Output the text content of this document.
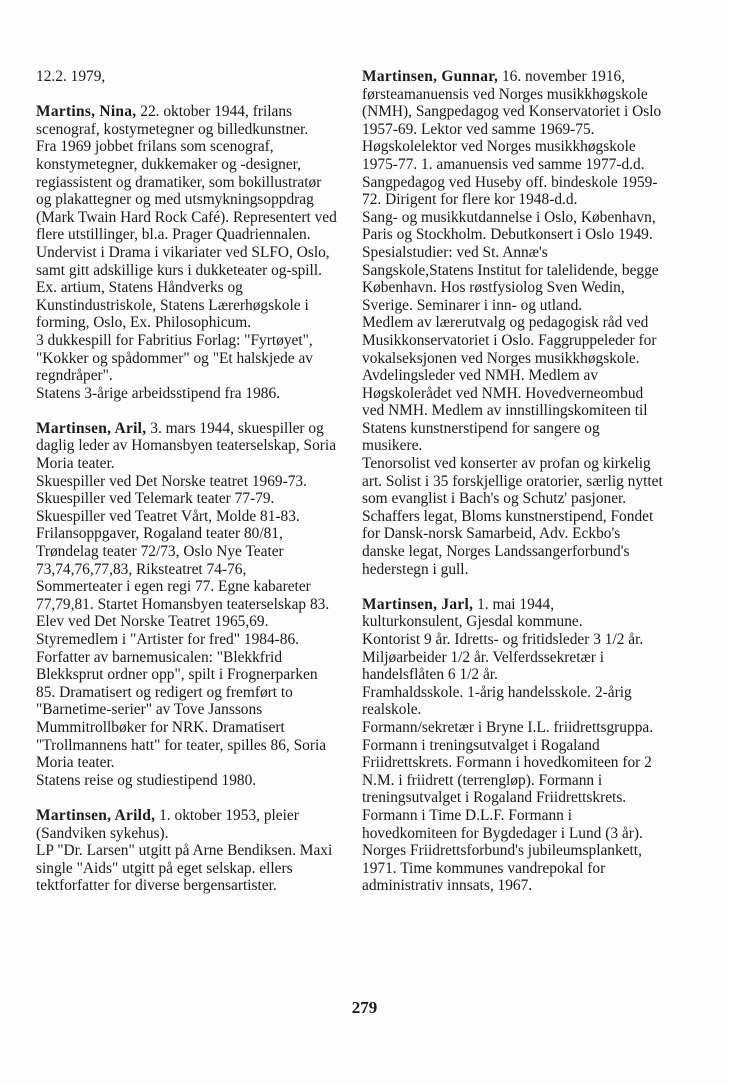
12.2. 1979,
Martins, Nina, 22. oktober 1944, frilans
scenograf, kostymetegner og billedkunstner.
Fra 1969 jobbet frilans som scenograf,
konstymetegner, dukkemaker og -designer,
regiassistent og dramatiker, som bokillustratør
og plakattegner og med utsmykningsoppdrag
(Mark Twain Hard Rock Café). Representert ved
flere utstillinger, bl.a. Prager Quadriennalen.
Undervist i Drama i vikariater ved SLFO, Oslo,
samt gitt adskillige kurs i dukketeater og-spill.
Ex. artium, Statens Håndverks og
Kunstindustriskole, Statens Lærerhøgskole i
forming, Oslo, Ex. Philosophicum.
3 dukkespill for Fabritius Forlag: "Fyrtøyet",
"Kokker og spådommer" og "Et halskjede av
regndråper".
Statens 3-årige arbeidsstipend fra 1986.
Martinsen, Aril, 3. mars 1944, skuespiller og
daglig leder av Homansbyen teaterselskap, Soria
Moria teater.
Skuespiller ved Det Norske teatret 1969-73.
Skuespiller ved Telemark teater 77-79.
Skuespiller ved Teatret Vårt, Molde 81-83.
Frilansoppgaver, Rogaland teater 80/81,
Trøndelag teater 72/73, Oslo Nye Teater
73,74,76,77,83, Riksteatret 74-76,
Sommerteater i egen regi 77. Egne kabareter
77,79,81. Startet Homansbyen teaterselskap 83.
Elev ved Det Norske Teatret 1965,69.
Styremedlem i "Artister for fred" 1984-86.
Forfatter av barnemusicalen: "Blekkfrid
Blekksprut ordner opp", spilt i Frognerparken
85. Dramatisert og redigert og fremført to
"Barnetime-serier" av Tove Janssons
Mummitrollbøker for NRK. Dramatisert
"Trollmannens hatt" for teater, spilles 86, Soria
Moria teater.
Statens reise og studiestipend 1980.
Martinsen, Arild, 1. oktober 1953, pleier
(Sandviken sykehus).
LP "Dr. Larsen" utgitt på Arne Bendiksen. Maxi
single "Aids" utgitt på eget selskap. ellers
tektforfatter for diverse bergensartister.
Martinsen, Gunnar, 16. november 1916,
førsteamanuensis ved Norges musikkhøgskole
(NMH), Sangpedagog ved Konservatoriet i Oslo
1957-69. Lektor ved samme 1969-75.
Høgskolelektor ved Norges musikkhøgskole
1975-77. 1. amanuensis ved samme 1977-d.d.
Sangpedagog ved Huseby off. bindeskole 1959-
72. Dirigent for flere kor 1948-d.d.
Sang- og musikkutdannelse i Oslo, København,
Paris og Stockholm. Debutkonsert i Oslo 1949.
Spesialstudier: ved St. Annæ's
Sangskole,Statens Institut for talelidende, begge
København. Hos røstfysiolog Sven Wedin,
Sverige. Seminarer i inn- og utland.
Medlem av lærerutvalg og pedagogisk råd ved
Musikkonservatoriet i Oslo. Faggruppeleder for
vokalseksjonen ved Norges musikkhøgskole.
Avdelingsleder ved NMH. Medlem av
Høgskolerådet ved NMH. Hovedverneombud
ved NMH. Medlem av innstillingskomiteen til
Statens kunstnerstipend for sangere og
musikere.
Tenorsolist ved konserter av profan og kirkelig
art. Solist i 35 forskjellige oratorier, særlig nyttet
som evanglist i Bach's og Schutz' pasjoner.
Schaffers legat, Bloms kunstnerstipend, Fondet
for Dansk-norsk Samarbeid, Adv. Eckbo's
danske legat, Norges Landssangerforbund's
hederstegn i gull.
Martinsen, Jarl, 1. mai 1944,
kulturkonsulent, Gjesdal kommune.
Kontorist 9 år. Idretts- og fritidsleder 3 1/2 år.
Miljøarbeider 1/2 år. Velferdssekretær i
handelsflåten 6 1/2 år.
Framhaldsskole. 1-årig handelsskole. 2-årig
realskole.
Formann/sekretær i Bryne I.L. friidrettsgruppa.
Formann i treningsutvalget i Rogaland
Friidrettskrets. Formann i hovedkomiteen for 2
N.M. i friidrett (terrengløp). Formann i
treningsutvalget i Rogaland Friidrettskrets.
Formann i Time D.L.F. Formann i
hovedkomiteen for Bygdedager i Lund (3 år).
Norges Friidrettsforbund's jubileumsplankett,
1971. Time kommunes vandrepokal for
administrativ innsats, 1967.
279
